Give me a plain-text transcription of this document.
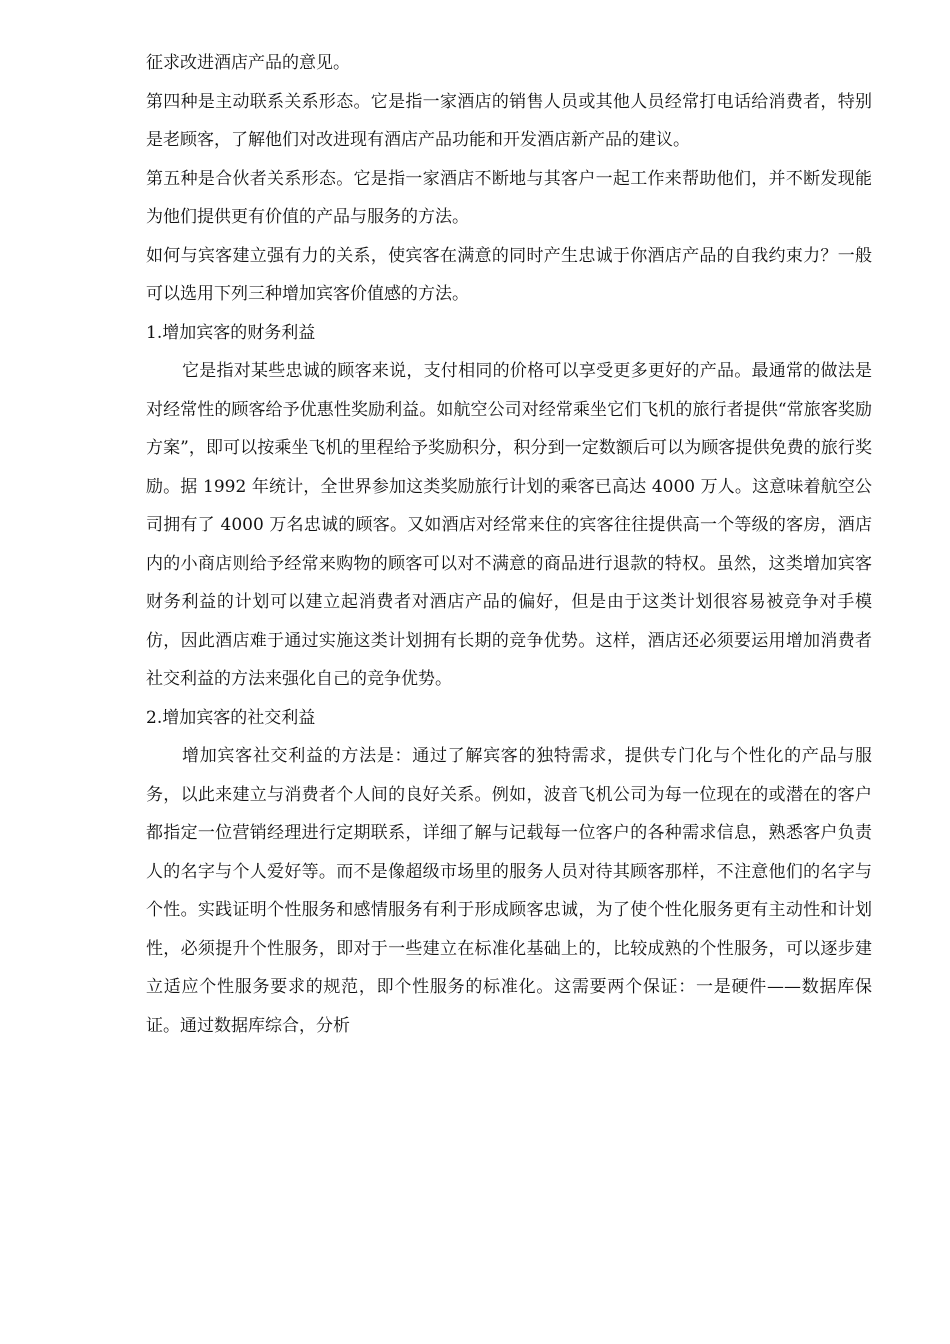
征求改进酒店产品的意见。

第四种是主动联系关系形态。它是指一家酒店的销售人员或其他人员经常打电话给消费者，特别是老顾客，了解他们对改进现有酒店产品功能和开发酒店新产品的建议。

第五种是合伙者关系形态。它是指一家酒店不断地与其客户一起工作来帮助他们，并不断发现能为他们提供更有价值的产品与服务的方法。

如何与宾客建立强有力的关系，使宾客在满意的同时产生忠诚于你酒店产品的自我约束力？一般可以选用下列三种增加宾客价值感的方法。

1.增加宾客的财务利益

它是指对某些忠诚的顾客来说，支付相同的价格可以享受更多更好的产品。最通常的做法是对经常性的顾客给予优惠性奖励利益。如航空公司对经常乘坐它们飞机的旅行者提供“常旅客奖励方案”，即可以按乘坐飞机的里程给予奖励积分，积分到一定数额后可以为顾客提供免费的旅行奖励。据 1992 年统计，全世界参加这类奖励旅行计划的乘客已高达 4000 万人。这意味着航空公司拥有了 4000 万名忠诚的顾客。又如酒店对经常来住的宾客往往提供高一个等级的客房，酒店内的小商店则给予经常来购物的顾客可以对不满意的商品进行退款的特权。虽然，这类增加宾客财务利益的计划可以建立起消费者对酒店产品的偏好，但是由于这类计划很容易被竞争对手模仿，因此酒店难于通过实施这类计划拥有长期的竞争优势。这样，酒店还必须要运用增加消费者社交利益的方法来强化自己的竞争优势。

2.增加宾客的社交利益

增加宾客社交利益的方法是：通过了解宾客的独特需求，提供专门化与个性化的产品与服务，以此来建立与消费者个人间的良好关系。例如，波音飞机公司为每一位现在的或潜在的客户都指定一位营销经理进行定期联系，详细了解与记载每一位客户的各种需求信息，熟悉客户负责人的名字与个人爱好等。而不是像超级市场里的服务人员对待其顾客那样，不注意他们的名字与个性。实践证明个性服务和感情服务有利于形成顾客忠诚，为了使个性化服务更有主动性和计划性，必须提升个性服务，即对于一些建立在标准化基础上的，比较成熟的个性服务，可以逐步建立适应个性服务要求的规范，即个性服务的标准化。这需要两个保证：一是硬件——数据库保证。通过数据库综合，分析
